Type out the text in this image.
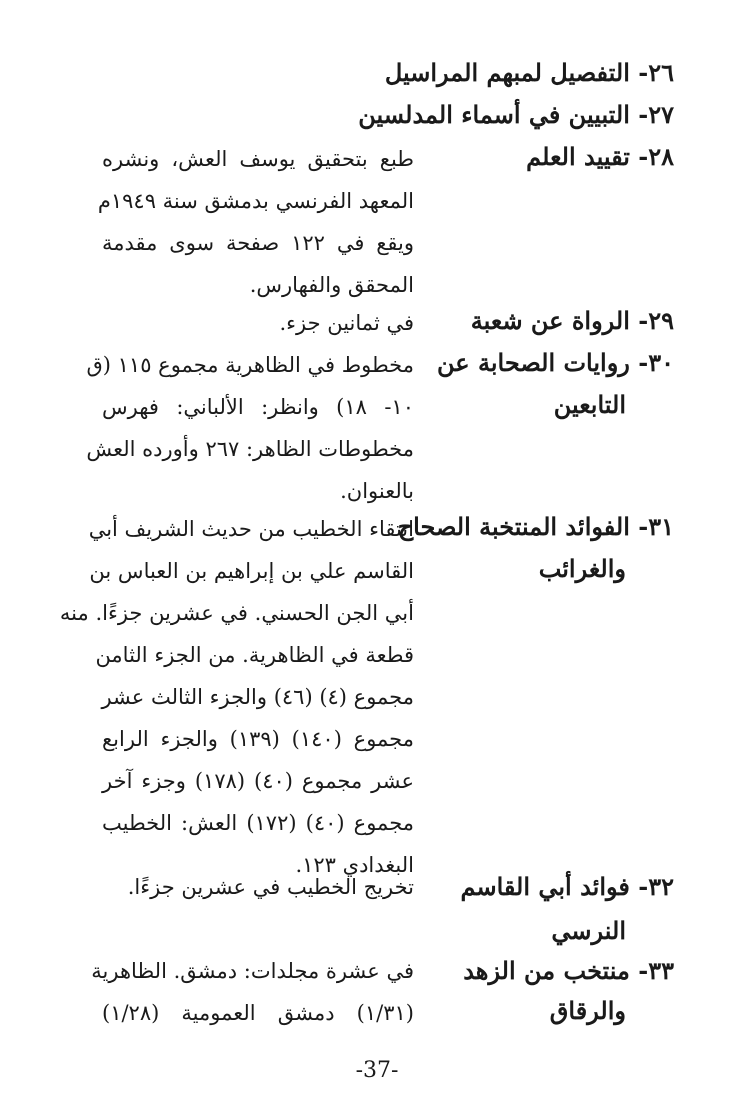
٢٦- التفصيل لمبهم المراسيل
٢٧- التبيين في أسماء المدلسين
٢٨- تقييد العلم
طبع بتحقيق يوسف العش، ونشره
المعهد الفرنسي بدمشق سنة ١٩٤٩م
ويقع في ١٢٢ صفحة سوى مقدمة
المحقق والفهارس.
٢٩- الرواة عن شعبة
في ثمانين جزء.
٣٠- روايات الصحابة عن
التابعين
مخطوط في الظاهرية مجموع ١١٥ (ق
١٠- ١٨) وانظر: الألباني: فهرس
مخطوطات الظاهر: ٢٦٧ وأورده العش
بالعنوان.
٣١- الفوائد المنتخبة الصحاح
والغرائب
انتقاء الخطيب من حديث الشريف أبي
القاسم علي بن إبراهيم بن العباس بن
أبي الجن الحسني. في عشرين جزءًا. منه
قطعة في الظاهرية. من الجزء الثامن
مجموع (٤) (٤٦) والجزء الثالث عشر
مجموع (١٤٠) (١٣٩) والجزء الرابع
عشر مجموع (٤٠) (١٧٨) وجزء آخر
مجموع (٤٠) (١٧٢) العش: الخطيب
البغدادي ١٢٣.
٣٢- فوائد أبي القاسم
النرسي
تخريج الخطيب في عشرين جزءًا.
٣٣- منتخب من الزهد
والرقاق
في عشرة مجلدات: دمشق. الظاهرية
(١/٣١) دمشق العمومية (١/٢٨)
-37-
